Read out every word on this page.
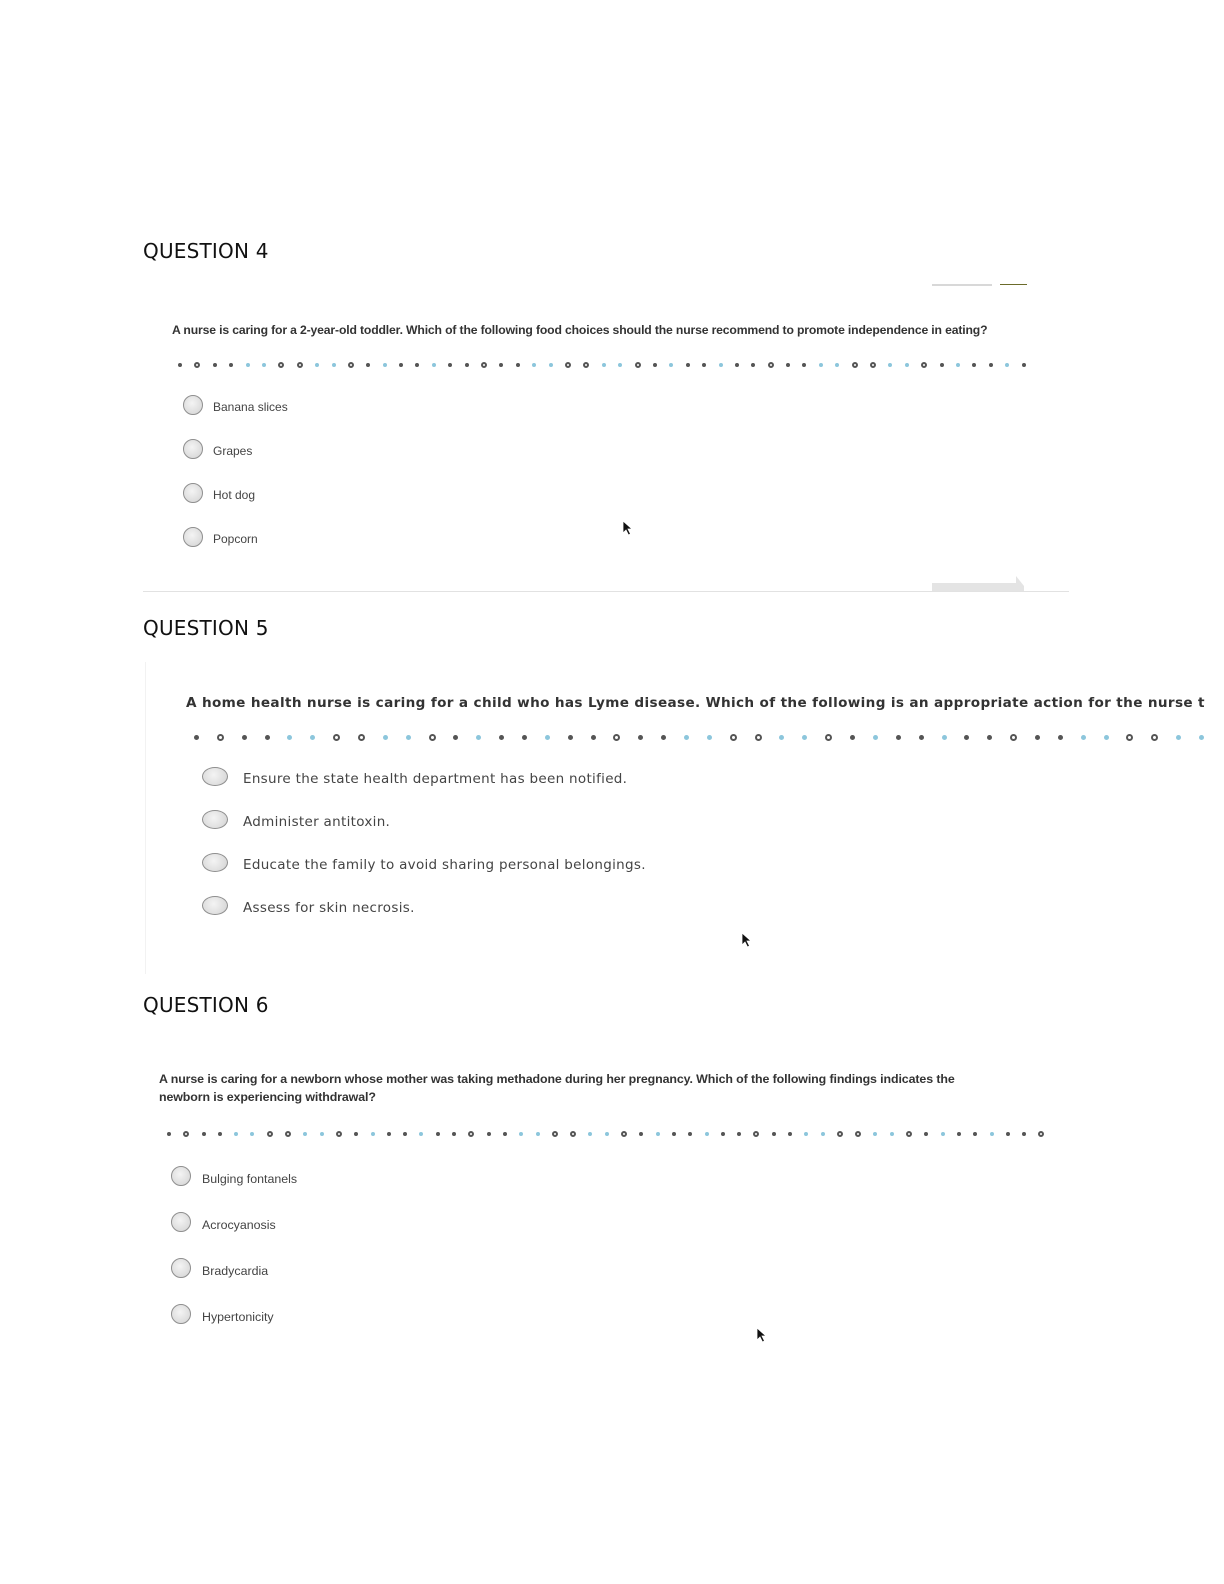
QUESTION 4

A nurse is caring for a 2-year-old toddler. Which of the following food choices should the nurse recommend to promote independence in eating?

Banana slices
Grapes
Hot dog
Popcorn
QUESTION 5

A home health nurse is caring for a child who has Lyme disease. Which of the following is an appropriate action for the nurse t

Ensure the state health department has been notified.
Administer antitoxin.
Educate the family to avoid sharing personal belongings.
Assess for skin necrosis.
QUESTION 6

A nurse is caring for a newborn whose mother was taking methadone during her pregnancy. Which of the following findings indicates the

newborn is experiencing withdrawal?

Bulging fontanels
Acrocyanosis
Bradycardia
Hypertonicity
